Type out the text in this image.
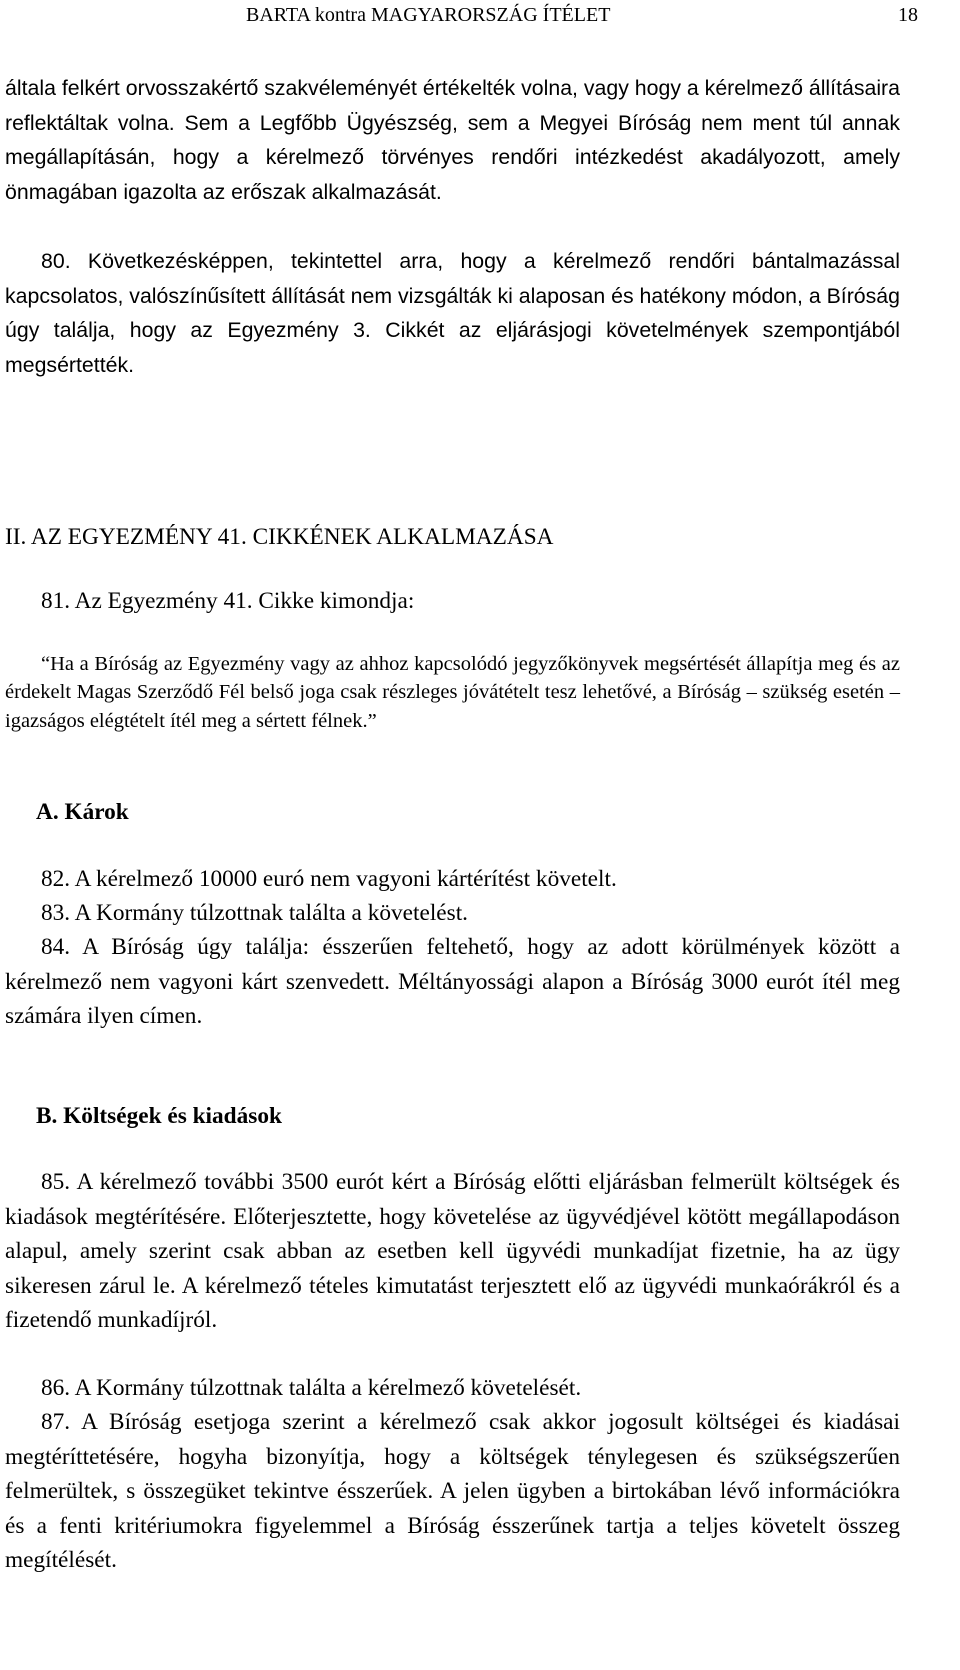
BARTA kontra MAGYARORSZÁG ÍTÉLET	18

általa felkért orvosszakértő szakvéleményét értékelték volna, vagy hogy a kérelmező állításaira reflektáltak volna. Sem a Legfőbb Ügyészség, sem a Megyei Bíróság nem ment túl annak megállapításán, hogy a kérelmező törvényes rendőri intézkedést akadályozott, amely önmagában igazolta az erőszak alkalmazását.

80. Következésképpen, tekintettel arra, hogy a kérelmező rendőri bántalmazással kapcsolatos, valószínűsített állítását nem vizsgálták ki alaposan és hatékony módon, a Bíróság úgy találja, hogy az Egyezmény 3. Cikkét az eljárásjogi követelmények szempontjából megsértették.

II. AZ EGYEZMÉNY 41. CIKKÉNEK ALKALMAZÁSA

81. Az Egyezmény 41. Cikke kimondja:

“Ha a Bíróság az Egyezmény vagy az ahhoz kapcsolódó jegyzőkönyvek megsértését állapítja meg és az érdekelt Magas Szerződő Fél belső joga csak részleges jóvátételt tesz lehetővé, a Bíróság – szükség esetén – igazságos elégtételt ítél meg a sértett félnek.”

A. Károk

82. A kérelmező 10000 euró nem vagyoni kártérítést követelt.

83. A Kormány túlzottnak találta a követelést.

84. A Bíróság úgy találja: ésszerűen feltehető, hogy az adott körülmények között a kérelmező nem vagyoni kárt szenvedett. Méltányossági alapon a Bíróság 3000 eurót ítél meg számára ilyen címen.

B. Költségek és kiadások

85. A kérelmező további 3500 eurót kért a Bíróság előtti eljárásban felmerült költségek és kiadások megtérítésére. Előterjesztette, hogy követelése az ügyvédjével kötött megállapodáson alapul, amely szerint csak abban az esetben kell ügyvédi munkadíjat fizetnie, ha az ügy sikeresen zárul le. A kérelmező tételes kimutatást terjesztett elő az ügyvédi munkaórákról és a fizetendő munkadíjról.

86. A Kormány túlzottnak találta a kérelmező követelését.

87. A Bíróság esetjoga szerint a kérelmező csak akkor jogosult költségei és kiadásai megtéríttetésére, hogyha bizonyítja, hogy a költségek ténylegesen és szükségszerűen felmerültek, s összegüket tekintve ésszerűek. A jelen ügyben a birtokában lévő információkra és a fenti kritériumokra figyelemmel a Bíróság ésszerűnek tartja a teljes követelt összeg megítélését.
